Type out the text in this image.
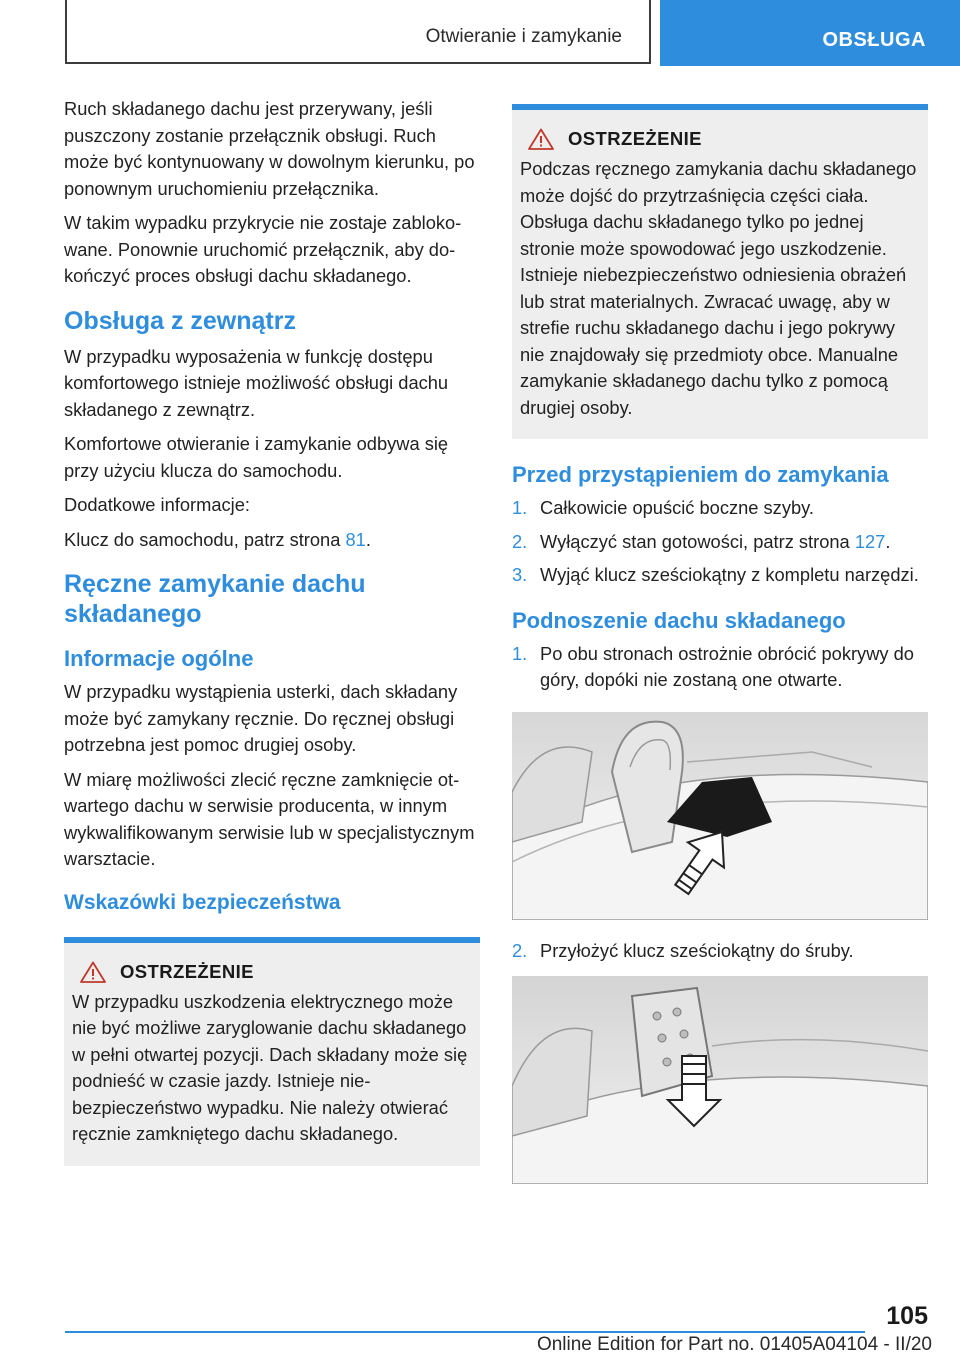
Otwieranie i zamykanie	OBSŁUGA

Ruch składanego dachu jest przerywany, jeśli puszczony zostanie przełącznik obsługi. Ruch może być kontynuowany w dowolnym kierunku, po ponownym uruchomieniu przełącznika.

W takim wypadku przykrycie nie zostaje zablokowane. Ponownie uruchomić przełącznik, aby dokończyć proces obsługi dachu składanego.

Obsługa z zewnątrz

W przypadku wyposażenia w funkcję dostępu komfortowego istnieje możliwość obsługi dachu składanego z zewnątrz.

Komfortowe otwieranie i zamykanie odbywa się przy użyciu klucza do samochodu.

Dodatkowe informacje:

Klucz do samochodu, patrz strona 81.

Ręczne zamykanie dachu składanego
Informacje ogólne

W przypadku wystąpienia usterki, dach składany może być zamykany ręcznie. Do ręcznej obsługi potrzebna jest pomoc drugiej osoby.

W miarę możliwości zlecić ręczne zamknięcie otwartego dachu w serwisie producenta, w innym wykwalifikowanym serwisie lub w specjalistycznym warsztacie.

Wskazówki bezpieczeństwa
OSTRZEŻENIE

W przypadku uszkodzenia elektrycznego może nie być możliwe zaryglowanie dachu składanego w pełni otwartej pozycji. Dach składany może się podnieść w czasie jazdy. Istnieje niebezpieczeństwo wypadku. Nie należy otwierać ręcznie zamkniętego dachu składanego.

OSTRZEŻENIE

Podczas ręcznego zamykania dachu składanego może dojść do przytrzaśnięcia części ciała. Obsługa dachu składanego tylko po jednej stronie może spowodować jego uszkodzenie. Istnieje niebezpieczeństwo odniesienia obrażeń lub strat materialnych. Zwracać uwagę, aby w strefie ruchu składanego dachu i jego pokrywy nie znajdowały się przedmioty obce. Manualne zamykanie składanego dachu tylko z pomocą drugiej osoby.

Przed przystąpieniem do zamykania
1. Całkowicie opuścić boczne szyby.
2. Wyłączyć stan gotowości, patrz strona 127.
3. Wyjąć klucz sześciokątny z kompletu narzędzi.
Podnoszenie dachu składanego
1. Po obu stronach ostrożnie obrócić pokrywy do góry, dopóki nie zostaną one otwarte.
2. Przyłożyć klucz sześciokątny do śruby.
105
Online Edition for Part no. 01405A04104 - II/20
